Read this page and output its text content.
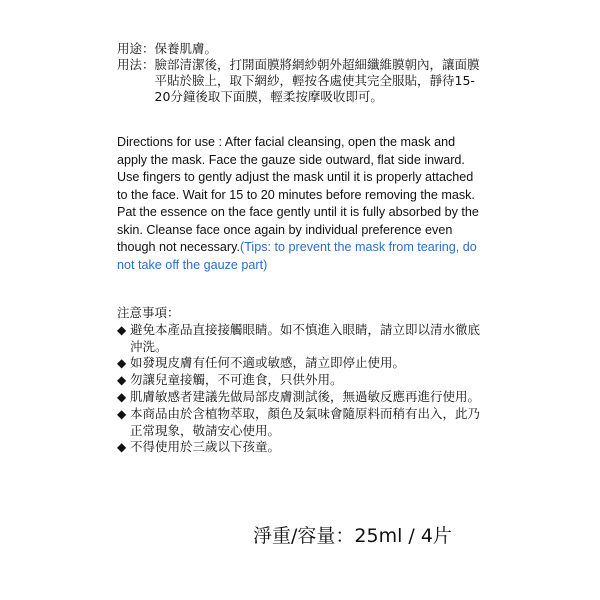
用途： 保養肌膚。
用法： 臉部清潔後，打開面膜將網紗朝外超細纖維膜朝內，讓面膜平貼於臉上，取下網紗，輕按各處使其完全服貼，靜待15-20分鐘後取下面膜，輕柔按摩吸收即可。
Directions for use : After facial cleansing, open the mask and apply the mask. Face the gauze side outward, flat side inward. Use fingers to gently adjust the mask until it is properly attached to the face. Wait for 15 to 20 minutes before removing the mask. Pat the essence on the face gently until it is fully absorbed by the skin. Cleanse face once again by individual preference even though not necessary.(Tips: to prevent the mask from tearing, do not take off the gauze part)
注意事項：
◆ 避免本產品直接接觸眼睛。如不慎進入眼睛，請立即以清水徹底沖洗。
◆ 如發現皮膚有任何不適或敏感，請立即停止使用。
◆ 勿讓兒童接觸，不可進食，只供外用。
◆ 肌膚敏感者建議先做局部皮膚測試後，無過敏反應再進行使用。
◆ 本商品由於含植物萃取，顏色及氣味會隨原料而稍有出入，此乃正常現象，敬請安心使用。
◆ 不得使用於三歲以下孩童。
淨重/容量：25ml / 4片
